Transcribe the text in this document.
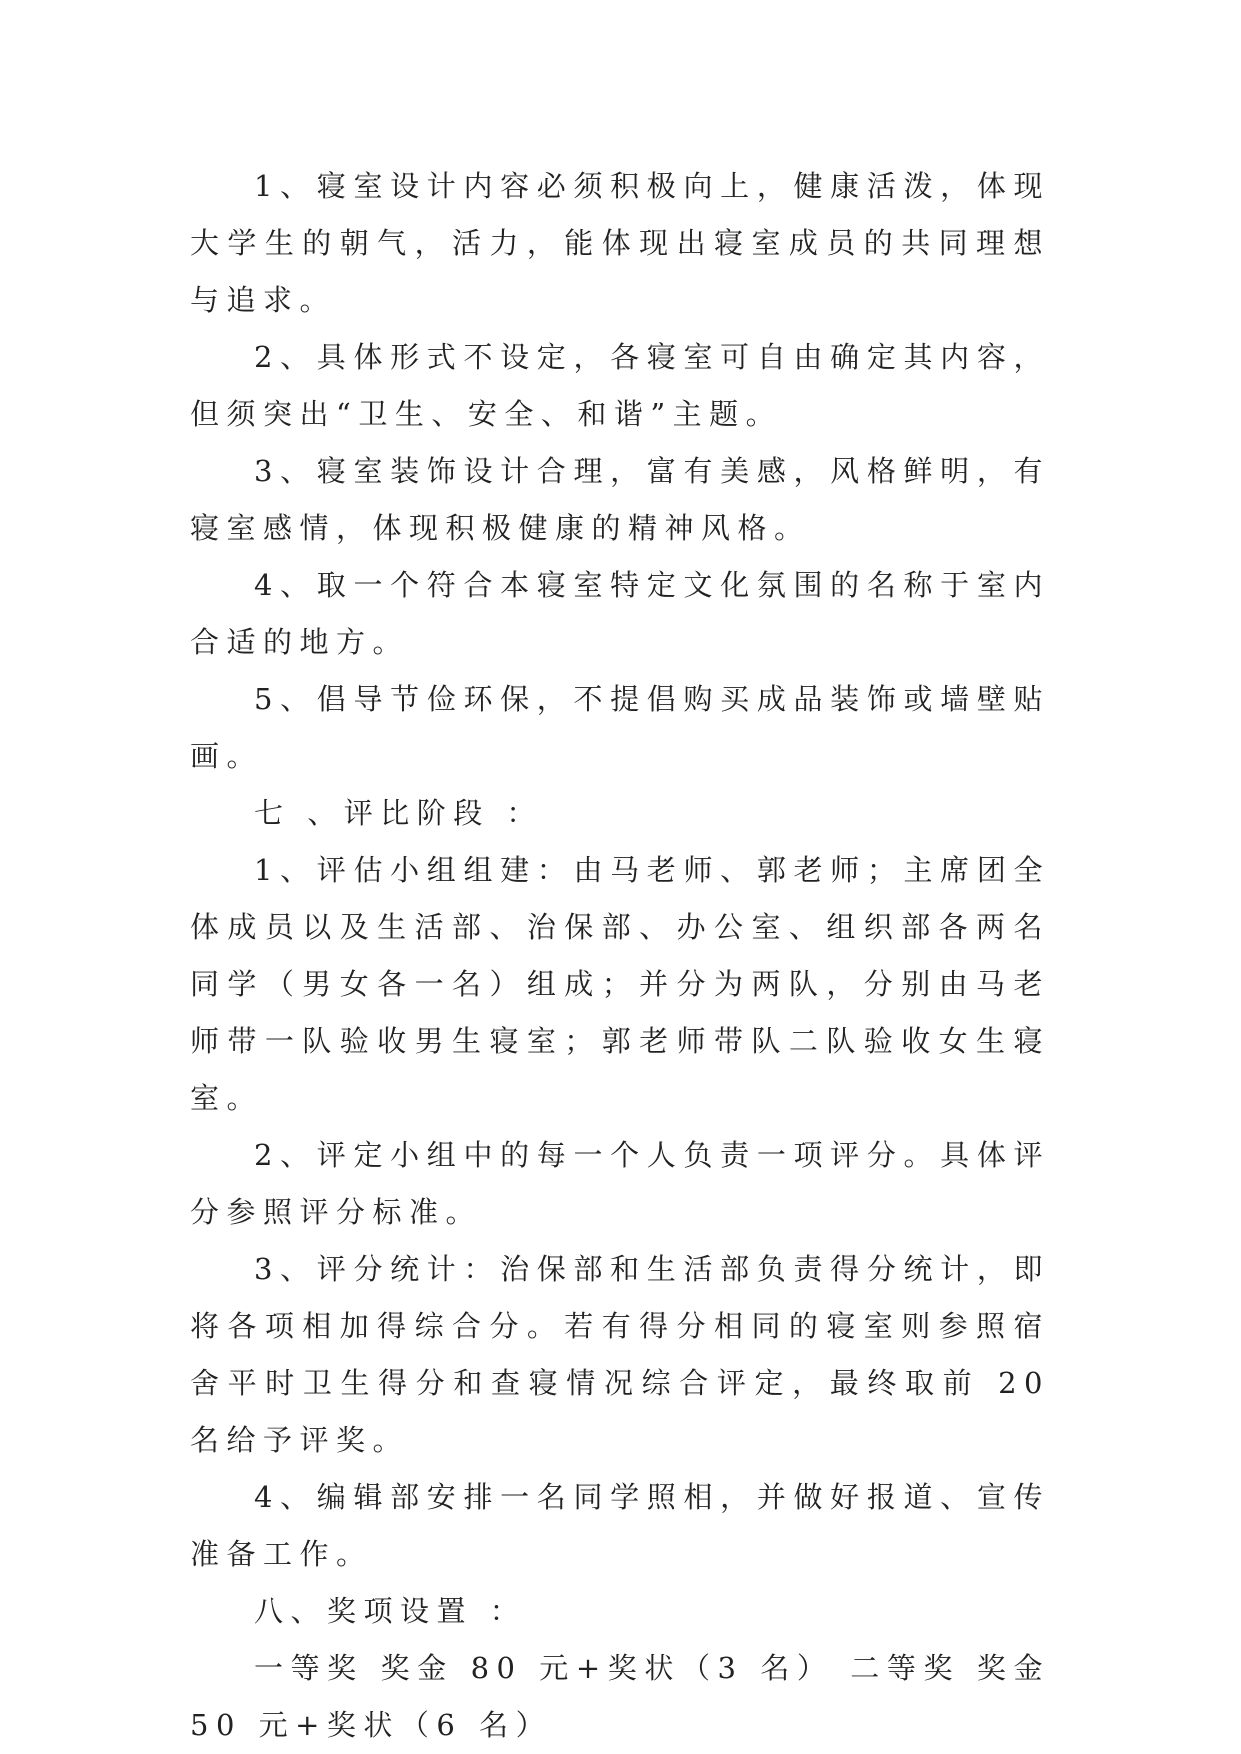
1、寝室设计内容必须积极向上，健康活泼，体现大学生的朝气，活力，能体现出寝室成员的共同理想与追求。

2、具体形式不设定，各寝室可自由确定其内容，但须突出“卫生、安全、和谐”主题。

3、寝室装饰设计合理，富有美感，风格鲜明，有寝室感情，体现积极健康的精神风格。

4、取一个符合本寝室特定文化氛围的名称于室内合适的地方。

5、倡导节俭环保，不提倡购买成品装饰或墙壁贴画。

七 、评比阶段 ：

1、评估小组组建：由马老师、郭老师；主席团全体成员以及生活部、治保部、办公室、组织部各两名同学（男女各一名）组成；并分为两队，分别由马老师带一队验收男生寝室；郭老师带队二队验收女生寝室。

2、评定小组中的每一个人负责一项评分。具体评分参照评分标准。

3、评分统计：治保部和生活部负责得分统计，即将各项相加得综合分。若有得分相同的寝室则参照宿舍平时卫生得分和查寝情况综合评定，最终取前 20 名给予评奖。

4、编辑部安排一名同学照相，并做好报道、宣传准备工作。

八、奖项设置 ：

一等奖 奖金 80 元+奖状（3 名） 二等奖 奖金 50 元+奖状（6 名）
